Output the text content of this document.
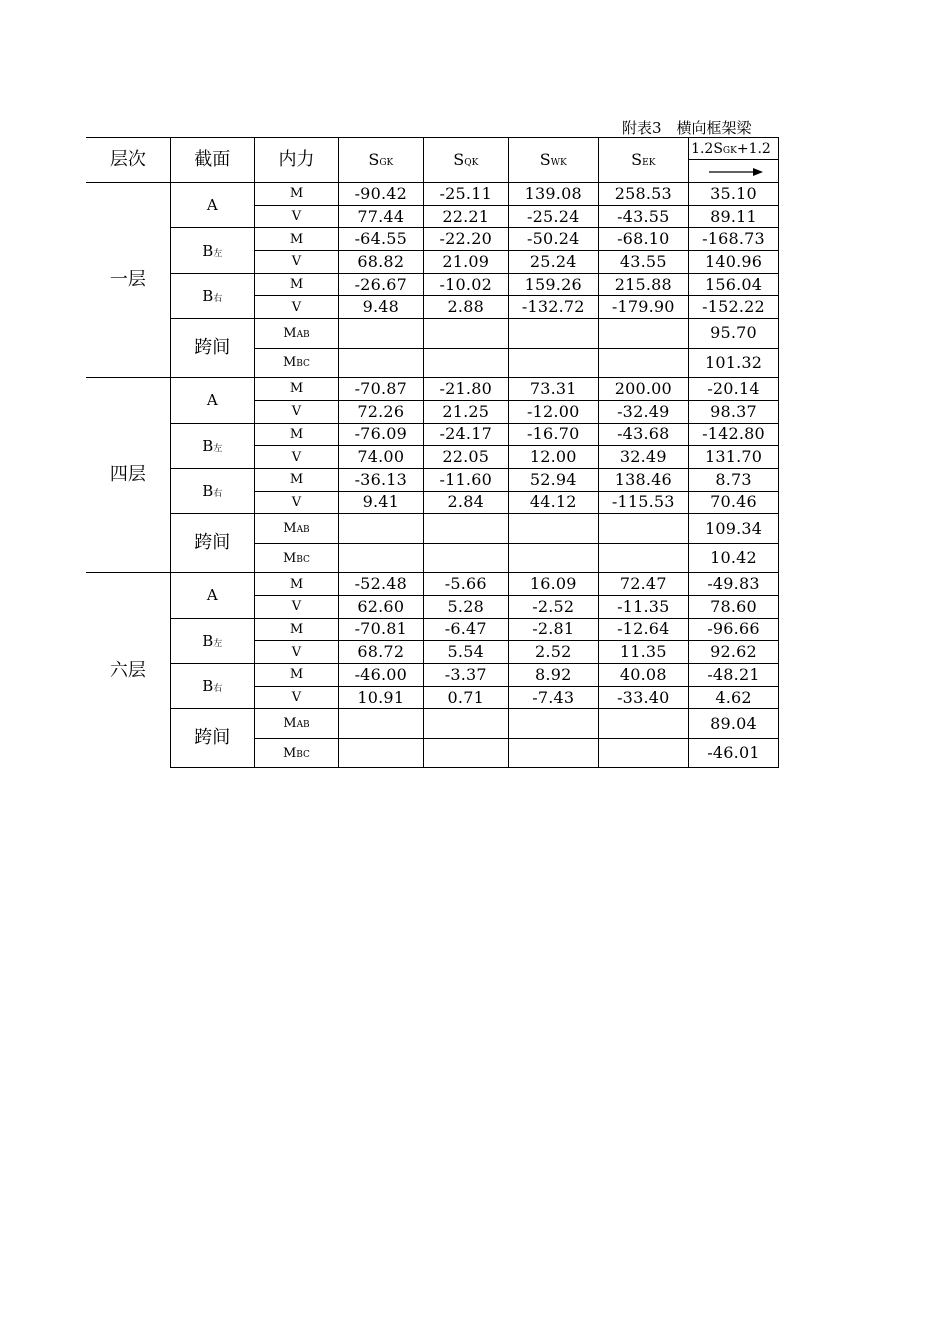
附表3　横向框架梁
层次	截面	内力	SGK	SQK	SWK	SEK	1.2SGK+1.2

一层	A	M	-90.42	-25.11	139.08	258.53	35.10
		V	77.44	22.21	-25.24	-43.55	89.11
	B左	M	-64.55	-22.20	-50.24	-68.10	-168.73
		V	68.82	21.09	25.24	43.55	140.96
	B右	M	-26.67	-10.02	159.26	215.88	156.04
		V	9.48	2.88	-132.72	-179.90	-152.22
	跨间	MAB					95.70
		MBC					101.32
四层	A	M	-70.87	-21.80	73.31	200.00	-20.14
		V	72.26	21.25	-12.00	-32.49	98.37
	B左	M	-76.09	-24.17	-16.70	-43.68	-142.80
		V	74.00	22.05	12.00	32.49	131.70
	B右	M	-36.13	-11.60	52.94	138.46	8.73
		V	9.41	2.84	44.12	-115.53	70.46
	跨间	MAB					109.34
		MBC					10.42
六层	A	M	-52.48	-5.66	16.09	72.47	-49.83
		V	62.60	5.28	-2.52	-11.35	78.60
	B左	M	-70.81	-6.47	-2.81	-12.64	-96.66
		V	68.72	5.54	2.52	11.35	92.62
	B右	M	-46.00	-3.37	8.92	40.08	-48.21
		V	10.91	0.71	-7.43	-33.40	4.62
	跨间	MAB					89.04
		MBC					-46.01
